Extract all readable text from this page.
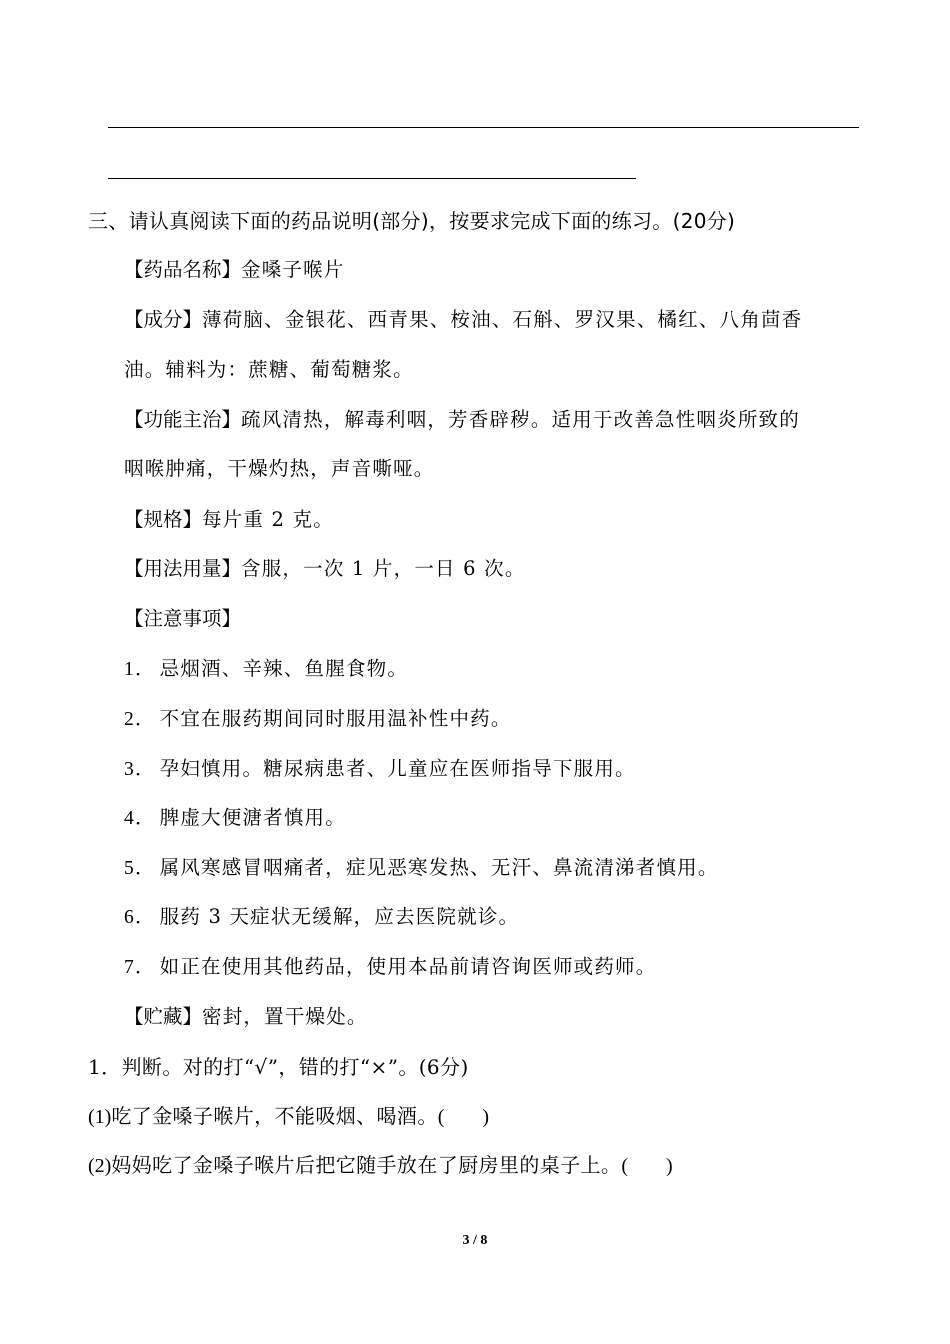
三、请认真阅读下面的药品说明(部分)，按要求完成下面的练习。(20分)
【药品名称】金嗓子喉片
【成分】薄荷脑、金银花、西青果、桉油、石斛、罗汉果、橘红、八角茴香
油。辅料为：蔗糖、葡萄糖浆。
【功能主治】疏风清热，解毒利咽，芳香辟秽。适用于改善急性咽炎所致的
咽喉肿痛，干燥灼热，声音嘶哑。
【规格】每片重 2 克。
【用法用量】含服，一次 1 片，一日 6 次。
【注意事项】
1． 忌烟酒、辛辣、鱼腥食物。
2． 不宜在服药期间同时服用温补性中药。
3． 孕妇慎用。糖尿病患者、儿童应在医师指导下服用。
4． 脾虚大便溏者慎用。
5． 属风寒感冒咽痛者，症见恶寒发热、无汗、鼻流清涕者慎用。
6． 服药 3 天症状无缓解，应去医院就诊。
7． 如正在使用其他药品，使用本品前请咨询医师或药师。
【贮藏】密封，置干燥处。
1．判断。对的打“√”，错的打“×”。(6分)
(1)吃了金嗓子喉片，不能吸烟、喝酒。( )
(2)妈妈吃了金嗓子喉片后把它随手放在了厨房里的桌子上。( )
3 / 8
